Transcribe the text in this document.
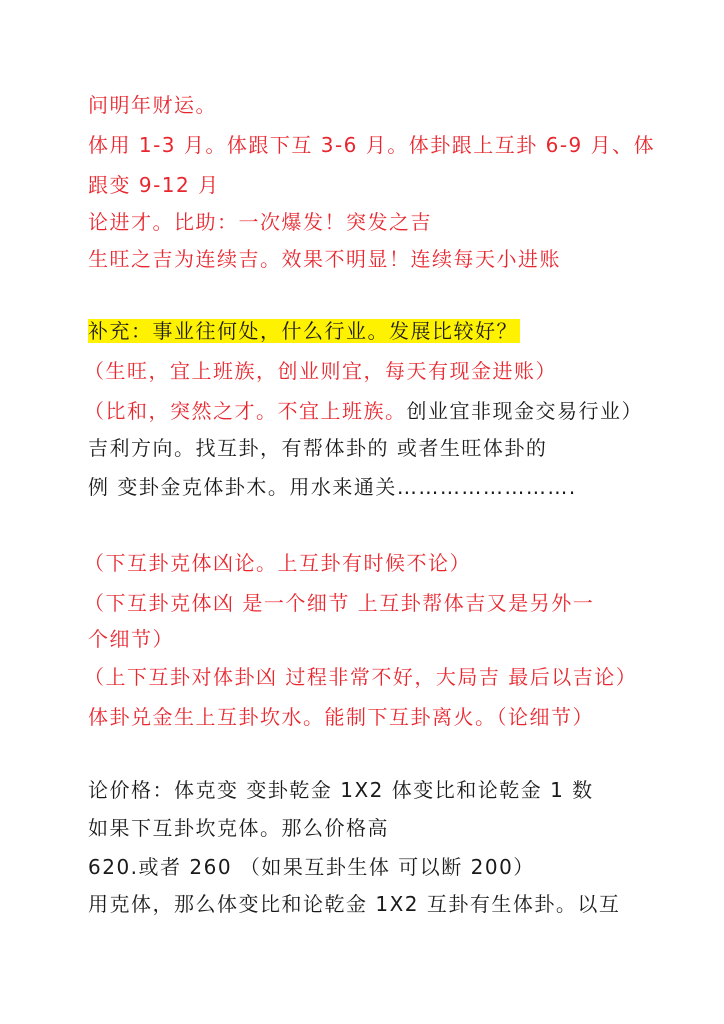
问明年财运。
体用 1-3 月。体跟下互 3-6 月。体卦跟上互卦 6-9 月、体
跟变 9-12 月
论进才。比助：一次爆发！突发之吉
生旺之吉为连续吉。效果不明显！连续每天小进账
补充：事业往何处，什么行业。发展比较好？
（生旺，宜上班族，创业则宜，每天有现金进账）
（比和，突然之才。不宜上班族。创业宜非现金交易行业）
吉利方向。找互卦，有帮体卦的 或者生旺体卦的
例 变卦金克体卦木。用水来通关…………………….
（下互卦克体凶论。上互卦有时候不论）
（下互卦克体凶 是一个细节 上互卦帮体吉又是另外一
个细节）
（上下互卦对体卦凶 过程非常不好，大局吉 最后以吉论）
体卦兑金生上互卦坎水。能制下互卦离火。（论细节）
论价格：体克变 变卦乾金 1X2 体变比和论乾金 1 数
如果下互卦坎克体。那么价格高
620.或者 260 （如果互卦生体 可以断 200）
用克体，那么体变比和论乾金 1X2 互卦有生体卦。以互
